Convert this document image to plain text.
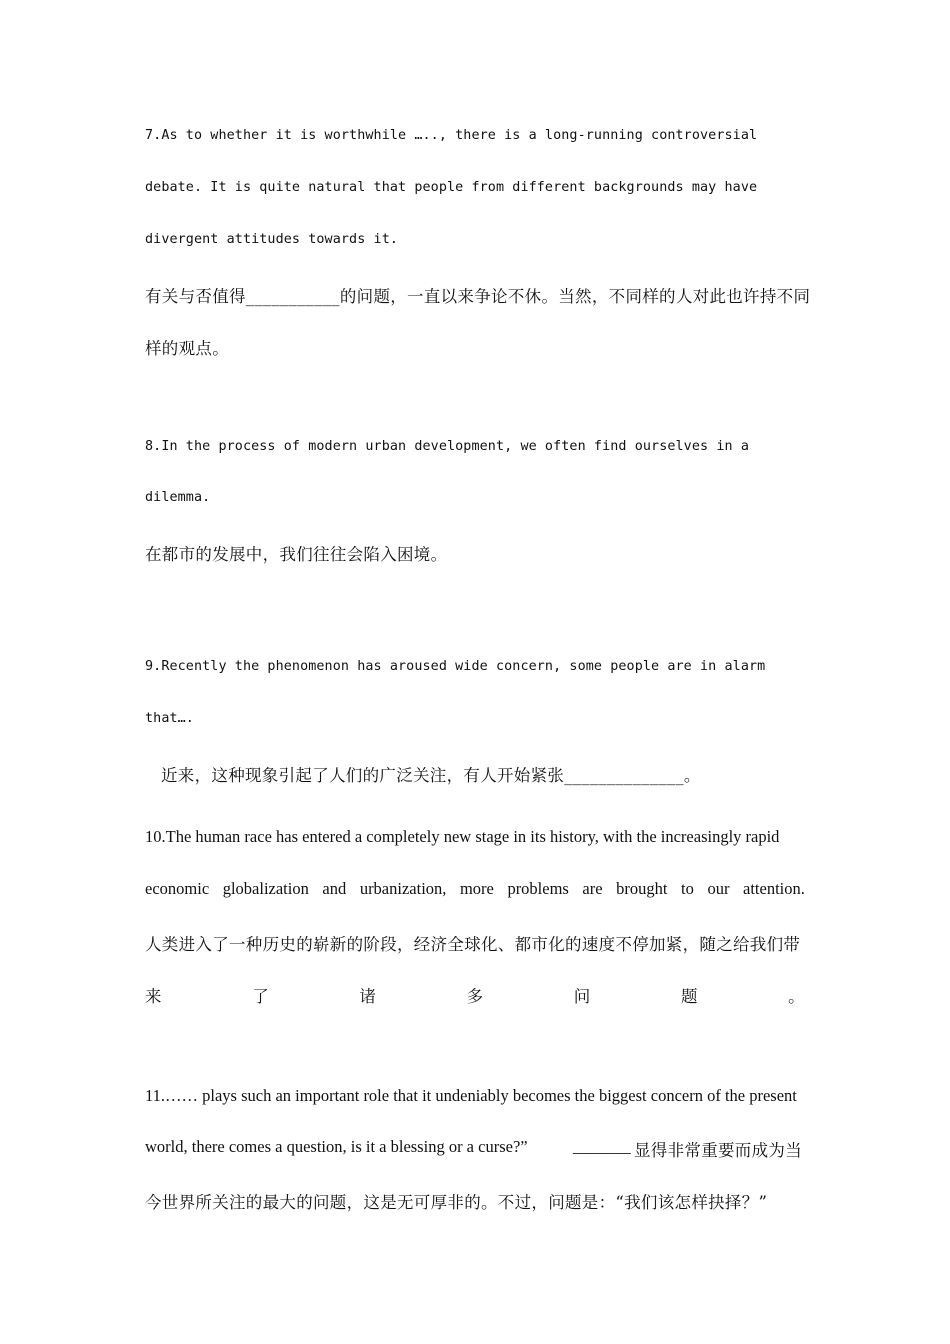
7.As to whether it is worthwhile ….., there is a long-running controversial
debate. It is quite natural that people from different backgrounds may have
divergent attitudes towards it.
有关与否值得___________的问题，一直以来争论不休。当然，不同样的人对此也许持不同
样的观点。
8.In the process of modern urban development, we often find ourselves in a
dilemma.
在都市的发展中，我们往往会陷入困境。
9.Recently the phenomenon has aroused wide concern, some people are in alarm
that….
近来，这种现象引起了人们的广泛关注，有人开始紧张______________。
10.The human race has entered a completely new stage in its history, with the increasingly rapid
economic globalization and urbanization, more problems are brought to our attention.
人类进入了一种历史的崭新的阶段，经济全球化、都市化的速度不停加紧，随之给我们带
来	了	诸	多	问	题	。
11.…… plays such an important role that it undeniably becomes the biggest concern of the present
world, there comes a question, is it a blessing or a curse?”	_______ 显得非常重要而成为当
今世界所关注的最大的问题，这是无可厚非的。不过，问题是：“我们该怎样抉择？”
